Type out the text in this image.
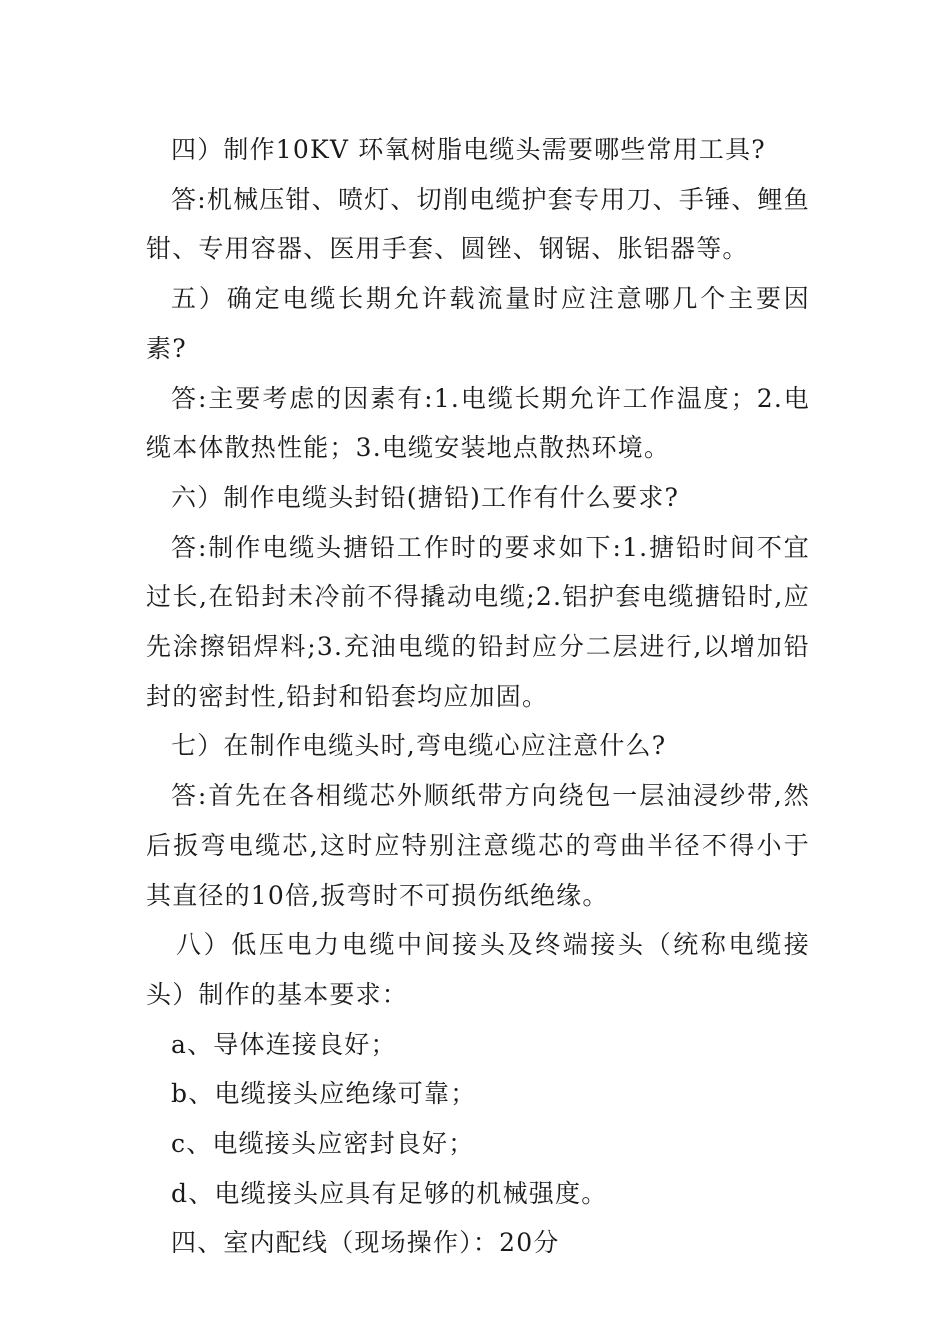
四）制作10KV 环氧树脂电缆头需要哪些常用工具?

答:机械压钳、喷灯、切削电缆护套专用刀、手锤、鲤鱼钳、专用容器、医用手套、圆锉、钢锯、胀铝器等。

五）确定电缆长期允许载流量时应注意哪几个主要因素?

答:主要考虑的因素有:1.电缆长期允许工作温度；2.电缆本体散热性能；3.电缆安装地点散热环境。

六）制作电缆头封铅(搪铅)工作有什么要求?

答:制作电缆头搪铅工作时的要求如下:1.搪铅时间不宜过长,在铅封未冷前不得撬动电缆;2.铝护套电缆搪铅时,应先涂擦铝焊料;3.充油电缆的铅封应分二层进行,以增加铅封的密封性,铅封和铅套均应加固。

七）在制作电缆头时,弯电缆心应注意什么?

答:首先在各相缆芯外顺纸带方向绕包一层油浸纱带,然后扳弯电缆芯,这时应特别注意缆芯的弯曲半径不得小于其直径的10倍,扳弯时不可损伤纸绝缘。

八）低压电力电缆中间接头及终端接头（统称电缆接头）制作的基本要求：

a、导体连接良好；

b、电缆接头应绝缘可靠；

c、电缆接头应密封良好；

d、电缆接头应具有足够的机械强度。

四、室内配线（现场操作）：20分
